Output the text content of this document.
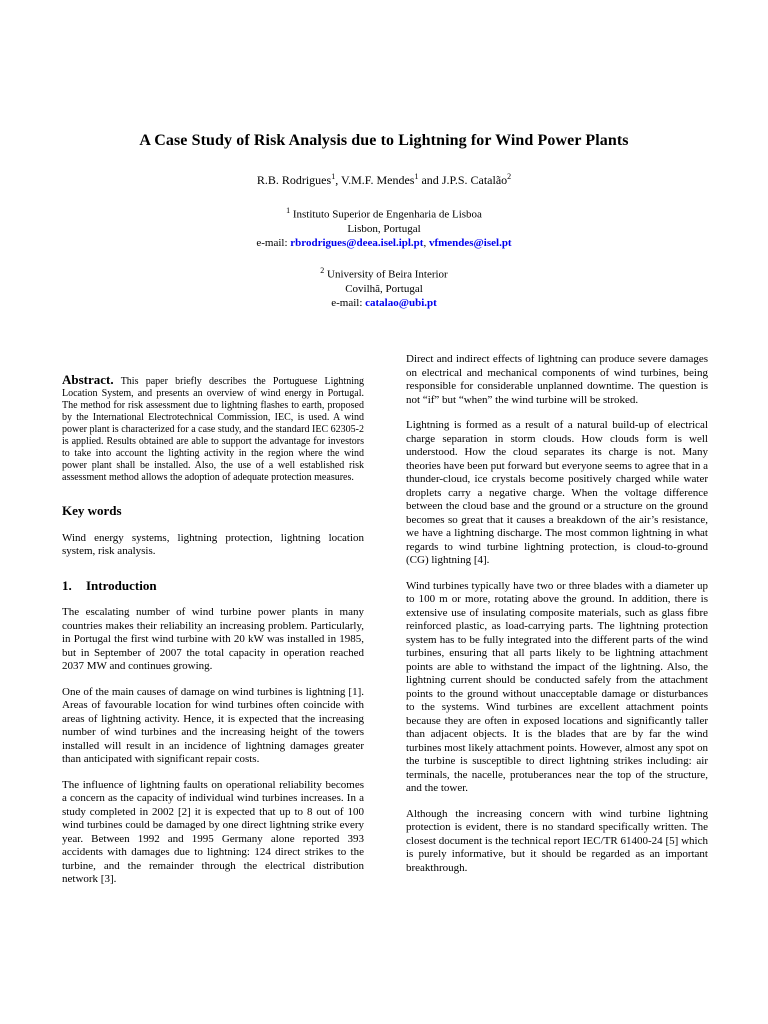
A Case Study of Risk Analysis due to Lightning for Wind Power Plants
R.B. Rodrigues$^1$, V.M.F. Mendes$^1$ and J.P.S. Catalão$^2$
$^1$ Instituto Superior de Engenharia de Lisboa
Lisbon, Portugal
e-mail: rbrodrigues@deea.isel.ipl.pt, vfmendes@isel.pt
$^2$ University of Beira Interior
Covilhã, Portugal
e-mail: catalao@ubi.pt

Abstract. This paper briefly describes the Portuguese Lightning Location System, and presents an overview of wind energy in Portugal. The method for risk assessment due to lightning flashes to earth, proposed by the International Electrotechnical Commission, IEC, is used. A wind power plant is characterized for a case study, and the standard IEC 62305-2 is applied. Results obtained are able to support the advantage for investors to take into account the lighting activity in the region where the wind power plant shall be installed. Also, the use of a well established risk assessment method allows the adoption of adequate protection measures.

Key words

Wind energy systems, lightning protection, lightning location system, risk analysis.

1. Introduction

The escalating number of wind turbine power plants in many countries makes their reliability an increasing problem. Particularly, in Portugal the first wind turbine with 20 kW was installed in 1985, but in September of 2007 the total capacity in operation reached 2037 MW and continues growing.

One of the main causes of damage on wind turbines is lightning [1]. Areas of favourable location for wind turbines often coincide with areas of lightning activity. Hence, it is expected that the increasing number of wind turbines and the increasing height of the towers installed will result in an incidence of lightning damages greater than anticipated with significant repair costs.

The influence of lightning faults on operational reliability becomes a concern as the capacity of individual wind turbines increases. In a study completed in 2002 [2] it is expected that up to 8 out of 100 wind turbines could be damaged by one direct lightning strike every year. Between 1992 and 1995 Germany alone reported 393 accidents with damages due to lightning: 124 direct strikes to the turbine, and the remainder through the electrical distribution network [3].

Direct and indirect effects of lightning can produce severe damages on electrical and mechanical components of wind turbines, being responsible for considerable unplanned downtime. The question is not “if” but “when” the wind turbine will be stroked.

Lightning is formed as a result of a natural build-up of electrical charge separation in storm clouds. How clouds form is well understood. How the cloud separates its charge is not. Many theories have been put forward but everyone seems to agree that in a thunder-cloud, ice crystals become positively charged while water droplets carry a negative charge. When the voltage difference between the cloud base and the ground or a structure on the ground becomes so great that it causes a breakdown of the air’s resistance, we have a lightning discharge. The most common lightning in what regards to wind turbine lightning protection, is cloud-to-ground (CG) lightning [4].

Wind turbines typically have two or three blades with a diameter up to 100 m or more, rotating above the ground. In addition, there is extensive use of insulating composite materials, such as glass fibre reinforced plastic, as load-carrying parts. The lightning protection system has to be fully integrated into the different parts of the wind turbines, ensuring that all parts likely to be lightning attachment points are able to withstand the impact of the lightning. Also, the lightning current should be conducted safely from the attachment points to the ground without unacceptable damage or disturbances to the systems. Wind turbines are excellent attachment points because they are often in exposed locations and significantly taller than adjacent objects. It is the blades that are by far the wind turbines most likely attachment points. However, almost any spot on the turbine is susceptible to direct lightning strikes including: air terminals, the nacelle, protuberances near the top of the structure, and the tower.

Although the increasing concern with wind turbine lightning protection is evident, there is no standard specifically written. The closest document is the technical report IEC/TR 61400-24 [5] which is purely informative, but it should be regarded as an important breakthrough.
